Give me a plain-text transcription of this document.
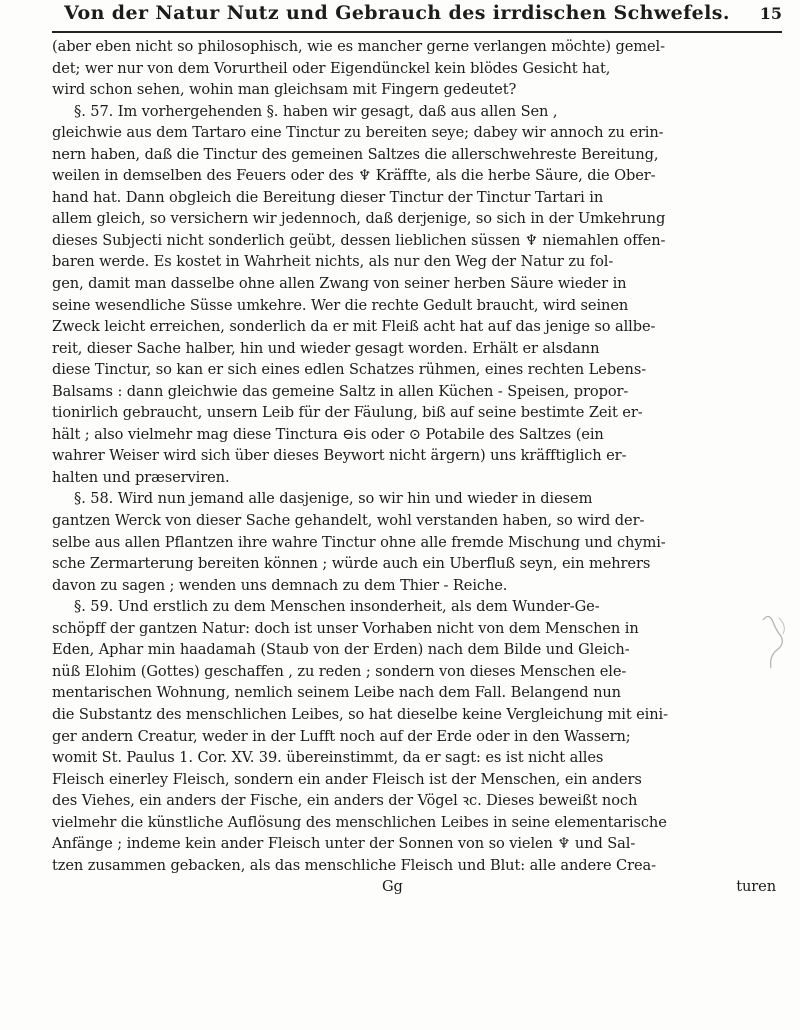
Von der Natur Nutz und Gebrauch des irrdischen Schwefels.	15
(aber eben nicht so philosophisch, wie es mancher gerne verlangen möchte) gemel-
det; wer nur von dem Vorurtheil oder Eigendünckel kein blödes Gesicht hat,
wird schon sehen, wohin man gleichsam mit Fingern gedeutet?
§. 57. Im vorhergehenden §. haben wir gesagt, daß aus allen Sen ,
gleichwie aus dem Tartaro eine Tinctur zu bereiten seye; dabey wir annoch zu erin-
nern haben, daß die Tinctur des gemeinen Saltzes die allerschwehreste Bereitung,
weilen in demselben des Feuers oder des ♆ Kräffte, als die herbe Säure, die Ober-
hand hat. Dann obgleich die Bereitung dieser Tinctur der Tinctur Tartari in
allem gleich, so versichern wir jedennoch, daß derjenige, so sich in der Umkehrung
dieses Subjecti nicht sonderlich geübt, dessen lieblichen süssen ♆ niemahlen offen-
baren werde. Es kostet in Wahrheit nichts, als nur den Weg der Natur zu fol-
gen, damit man dasselbe ohne allen Zwang von seiner herben Säure wieder in
seine wesendliche Süsse umkehre. Wer die rechte Gedult braucht, wird seinen
Zweck leicht erreichen, sonderlich da er mit Fleiß acht hat auf das jenige so allbe-
reit, dieser Sache halber, hin und wieder gesagt worden. Erhält er alsdann
diese Tinctur, so kan er sich eines edlen Schatzes rühmen, eines rechten Lebens-
Balsams : dann gleichwie das gemeine Saltz in allen Küchen - Speisen, propor-
tionirlich gebraucht, unsern Leib für der Fäulung, biß auf seine bestimte Zeit er-
hält ; also vielmehr mag diese Tinctura ⊖is oder ⊙ Potabile des Saltzes (ein
wahrer Weiser wird sich über dieses Beywort nicht ärgern) uns kräfftiglich er-
halten und præserviren.
§. 58. Wird nun jemand alle dasjenige, so wir hin und wieder in diesem
gantzen Werck von dieser Sache gehandelt, wohl verstanden haben, so wird der-
selbe aus allen Pflantzen ihre wahre Tinctur ohne alle fremde Mischung und chymi-
sche Zermarterung bereiten können ; würde auch ein Uberfluß seyn, ein mehrers
davon zu sagen ; wenden uns demnach zu dem Thier - Reiche.
§. 59. Und erstlich zu dem Menschen insonderheit, als dem Wunder-Ge-
schöpff der gantzen Natur: doch ist unser Vorhaben nicht von dem Menschen in
Eden, Aphar min haadamah (Staub von der Erden) nach dem Bilde und Gleich-
nüß Elohim (Gottes) geschaffen , zu reden ; sondern von dieses Menschen ele-
mentarischen Wohnung, nemlich seinem Leibe nach dem Fall. Belangend nun
die Substantz des menschlichen Leibes, so hat dieselbe keine Vergleichung mit eini-
ger andern Creatur, weder in der Lufft noch auf der Erde oder in den Wassern;
womit St. Paulus 1. Cor. XV. 39. übereinstimmt, da er sagt: es ist nicht alles
Fleisch einerley Fleisch, sondern ein ander Fleisch ist der Menschen, ein anders
des Viehes, ein anders der Fische, ein anders der Vögel ꝛc. Dieses beweißt noch
vielmehr die künstliche Auflösung des menschlichen Leibes in seine elementarische
Anfänge ; indeme kein ander Fleisch unter der Sonnen von so vielen ♆ und Sal-
tzen zusammen gebacken, als das menschliche Fleisch und Blut: alle andere Crea-
Gg	turen
